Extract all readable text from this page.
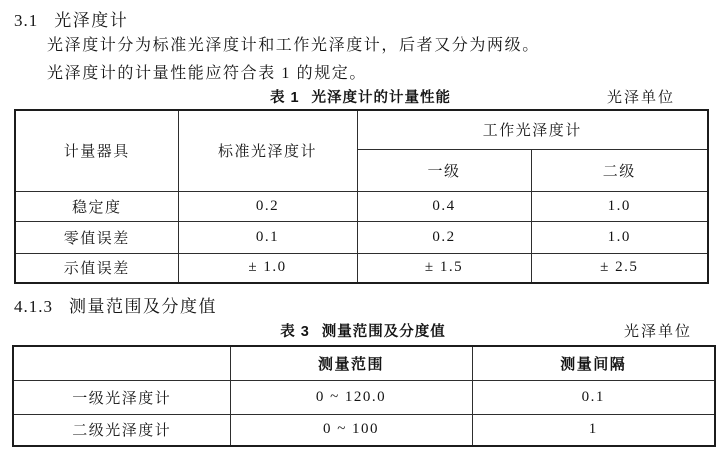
3.1 光泽度计
光泽度计分为标准光泽度计和工作光泽度计，后者又分为两级。
光泽度计的计量性能应符合表 1 的规定。
表 1 光泽度计的计量性能	光泽单位
计量器具	标准光泽度计	工作光泽度计	
		一级	二级
稳定度	0.2	0.4	1.0
零值误差	0.1	0.2	1.0
示值误差	± 1.0	± 1.5	± 2.5
4.1.3 测量范围及分度值
表 3 测量范围及分度值	光泽单位
	测量范围	测量间隔
一级光泽度计	0 ~ 120.0	0.1
二级光泽度计	0 ~ 100	1
